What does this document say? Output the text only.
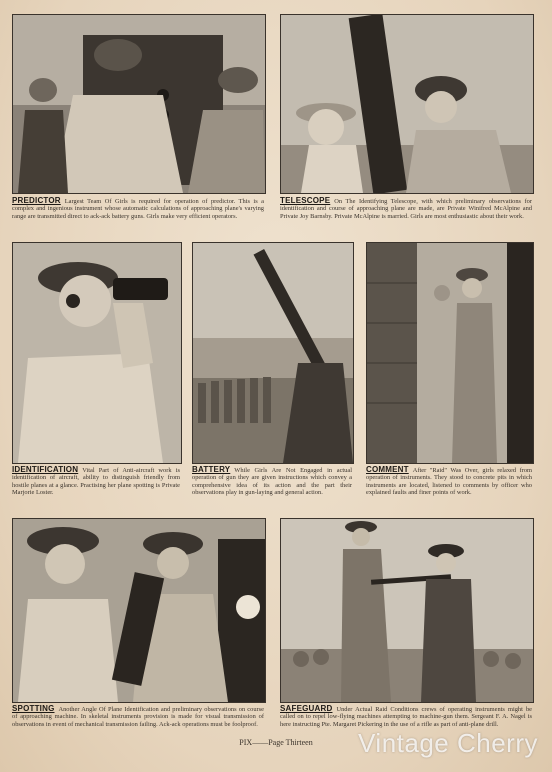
PREDICTOR Largest Team Of Girls is required for operation of predictor. This is a complex and ingenious instrument whose automatic calculations of approaching plane's varying range are transmitted direct to ack-ack battery guns. Girls make very efficient operators.
TELESCOPE On The Identifying Telescope, with which preliminary observations for identification and course of approaching plane are made, are Private Winifred McAlpine and Private Joy Barnsby. Private McAlpine is married. Girls are most enthusiastic about their work.
IDENTIFICATION Vital Part of Anti-aircraft work is identification of aircraft, ability to distinguish friendly from hostile planes at a glance. Practising her plane spotting is Private Marjorie Loster.
BATTERY While Girls Are Not Engaged in actual operation of gun they are given instructions which convey a comprehensive idea of its action and the part their observations play in gun-laying and general action.
COMMENT After "Raid" Was Over, girls relaxed from operation of instruments. They stood to concrete pits in which instruments are located, listened to comments by officer who explained faults and finer points of work.
SPOTTING Another Angle Of Plane Identification and preliminary observations on course of approaching machine. In skeletal instruments provision is made for visual transmission of observations in event of mechanical transmission failing. Ack-ack operations must be foolproof.
SAFEGUARD Under Actual Raid Conditions crews of operating instruments might be called on to repel low-flying machines attempting to machine-gun them. Sergeant F. A. Nagel is here instructing Pte. Margaret Pickering in the use of a rifle as part of anti-plane drill.
PIX——Page Thirteen	Vintage Cherry
